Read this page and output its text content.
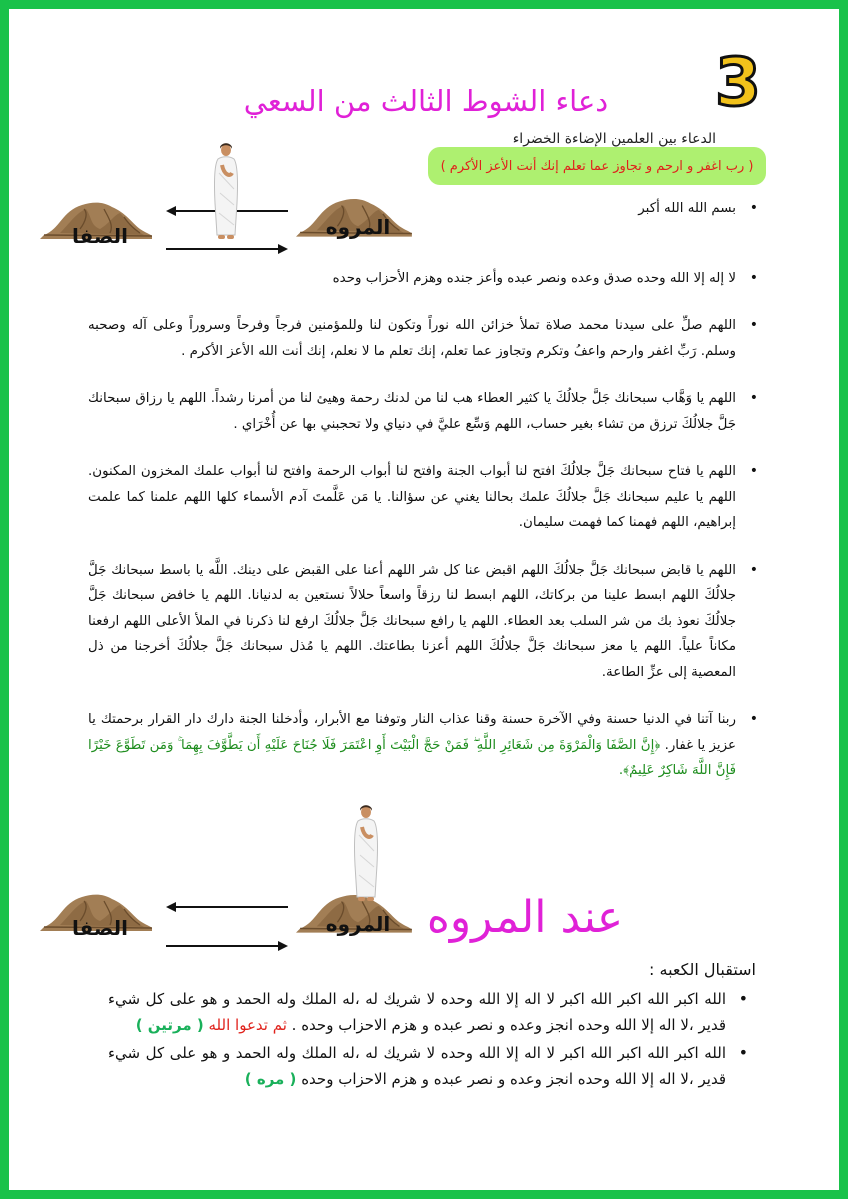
3
دعاء الشوط الثالث من السعي
الدعاء بين العلمين الإضاءة الخضراء
( رب اغفر و ارحم و تجاوز عما تعلم إنك أنت الأعز الأكرم )
الصفا	المروه
• بسم الله الله أكبر
• لا إله إلا الله وحده صدق وعده ونصر عبده وأعز جنده وهزم الأحزاب وحده
• اللهم صلِّ على سيدنا محمد صلاة تملأ خزائن الله نوراً وتكون لنا وللمؤمنين فرجاً وفرحاً وسروراً وعلى آله وصحبه وسلم. رَبِّ اغفر وارحم واعفُ وتكرم وتجاوز عما تعلم، إنك تعلم ما لا نعلم، إنك أنت الله الأعز الأكرم .
• اللهم يا وَهَّاب سبحانك جَلَّ جلالُكَ يا كثير العطاء هب لنا من لدنك رحمة وهيئ لنا من أمرنا رشداً. اللهم يا رزاق سبحانك جَلَّ جلالُكَ ترزق من تشاء بغير حساب، اللهم وَسِّع عليَّ في دنياي ولا تحجبني بها عن أُخْرَاي .
• اللهم يا فتاح سبحانك جَلَّ جلالُكَ افتح لنا أبواب الجنة وافتح لنا أبواب الرحمة وافتح لنا أبواب علمك المخزون المكنون. اللهم يا عليم سبحانك جَلَّ جلالُكَ علمك بحالنا يغني عن سؤالنا. يا مَن عَلَّمتَ آدم الأسماء كلها اللهم علمنا كما علمت إبراهيم، اللهم فهمنا كما فهمت سليمان.
• اللهم يا قابض سبحانك جَلَّ جلالُكَ اللهم اقبض عنا كل شر اللهم أعنا على القبض على دينك. اللَّه يا باسط سبحانك جَلَّ جلالُكَ اللهم ابسط علينا من بركاتك، اللهم ابسط لنا رزقاً واسعاً حلالاً نستعين به لدنيانا. اللهم يا خافض سبحانك جَلَّ جلالُكَ نعوذ بك من شر السلب بعد العطاء. اللهم يا رافع سبحانك جَلَّ جلالُكَ ارفع لنا ذكرنا في الملأ الأعلى اللهم ارفعنا مكاناً علياً. اللهم يا معز سبحانك جَلَّ جلالُكَ اللهم أعزنا بطاعتك. اللهم يا مُذل سبحانك جَلَّ جلالُكَ أخرجنا من ذل المعصية إلى عزِّ الطاعة.
• ربنا آتنا في الدنيا حسنة وفي الآخرة حسنة وقنا عذاب النار وتوفنا مع الأبرار، وأدخلنا الجنة دارك دار القرار برحمتك يا عزيز يا غفار. ﴿إِنَّ الصَّفَا وَالْمَرْوَةَ مِن شَعَائِرِ اللَّهِ ۖ فَمَنْ حَجَّ الْبَيْتَ أَوِ اعْتَمَرَ فَلَا جُنَاحَ عَلَيْهِ أَن يَطَّوَّفَ بِهِمَا ۚ وَمَن تَطَوَّعَ خَيْرًا فَإِنَّ اللَّهَ شَاكِرٌ عَلِيمٌ﴾.
الصفا	المروه عند المروه
استقبال الكعبه :
• الله اكبر الله اكبر الله اكبر لا اله إلا الله وحده لا شريك له ،له الملك وله الحمد و هو على كل شيء قدير ،لا اله إلا الله وحده انجز وعده و نصر عبده و هزم الاحزاب وحده . ثم تدعوا الله ( مرتين )
• الله اكبر الله اكبر الله اكبر لا اله إلا الله وحده لا شريك له ،له الملك وله الحمد و هو على كل شيء قدير ،لا اله إلا الله وحده انجز وعده و نصر عبده و هزم الاحزاب وحده ( مره )
